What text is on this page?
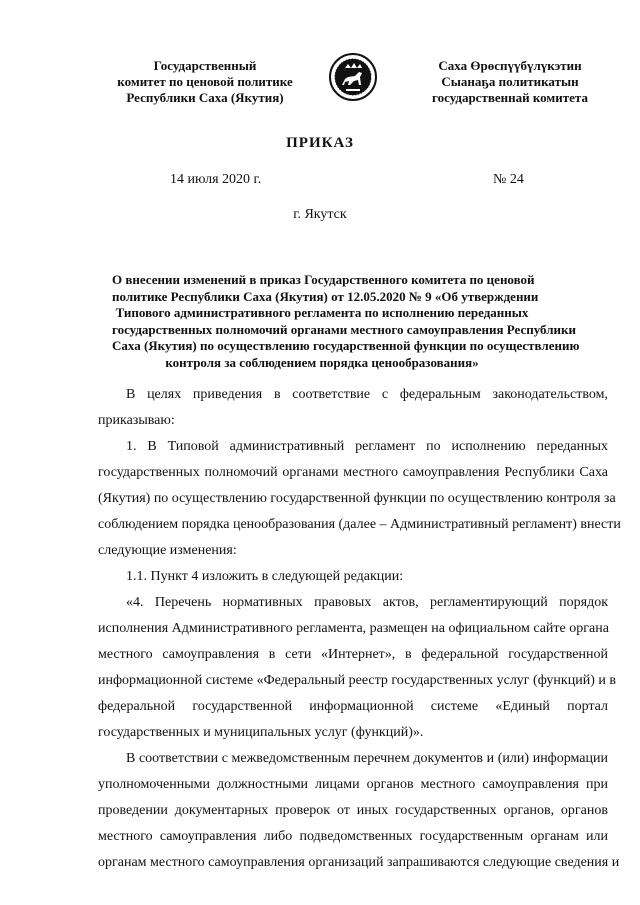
Государственный
комитет по ценовой политике
Республики Саха (Якутия)
Саха Өрөспүүбүлүкэтин
Сыанаҕа политикатын
государственнай комитета
ПРИКАЗ
14 июля 2020 г.	№ 24
г. Якутск
О внесении изменений в приказ Государственного комитета по ценовой
политике Республики Саха (Якутия) от 12.05.2020 № 9 «Об утверждении
Типового административного регламента по исполнению переданных
государственных полномочий органами местного самоуправления Республики
Саха (Якутия) по осуществлению государственной функции по осуществлению
контроля за соблюдением порядка ценообразования»
В целях приведения в соответствие с федеральным законодательством,
приказываю:
1. В Типовой административный регламент по исполнению переданных
государственных полномочий органами местного самоуправления Республики Саха
(Якутия) по осуществлению государственной функции по осуществлению контроля за
соблюдением порядка ценообразования (далее – Административный регламент) внести
следующие изменения:
1.1. Пункт 4 изложить в следующей редакции:
«4. Перечень нормативных правовых актов, регламентирующий порядок
исполнения Административного регламента, размещен на официальном сайте органа
местного самоуправления в сети «Интернет», в федеральной государственной
информационной системе «Федеральный реестр государственных услуг (функций) и в
федеральной государственной информационной системе «Единый портал
государственных и муниципальных услуг (функций)».
В соответствии с межведомственным перечнем документов и (или) информации
уполномоченными должностными лицами органов местного самоуправления при
проведении документарных проверок от иных государственных органов, органов
местного самоуправления либо подведомственных государственным органам или
органам местного самоуправления организаций запрашиваются следующие сведения и
